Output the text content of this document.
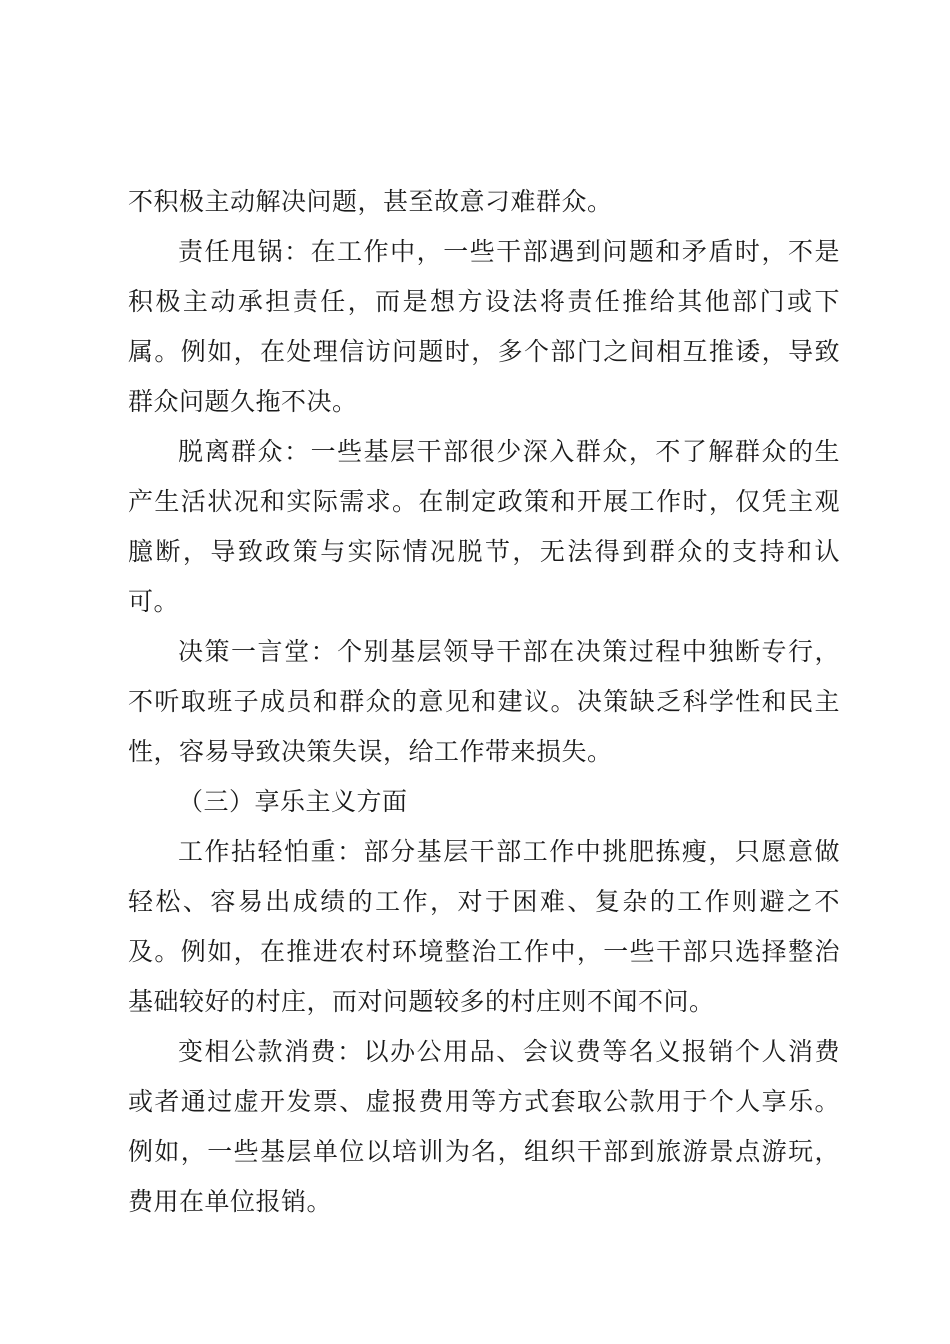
不积极主动解决问题，甚至故意刁难群众。

责任甩锅：在工作中，一些干部遇到问题和矛盾时，不是积极主动承担责任，而是想方设法将责任推给其他部门或下属。例如，在处理信访问题时，多个部门之间相互推诿，导致群众问题久拖不决。

脱离群众：一些基层干部很少深入群众，不了解群众的生产生活状况和实际需求。在制定政策和开展工作时，仅凭主观臆断，导致政策与实际情况脱节，无法得到群众的支持和认可。

决策一言堂：个别基层领导干部在决策过程中独断专行，不听取班子成员和群众的意见和建议。决策缺乏科学性和民主性，容易导致决策失误，给工作带来损失。

（三）享乐主义方面

工作拈轻怕重：部分基层干部工作中挑肥拣瘦，只愿意做轻松、容易出成绩的工作，对于困难、复杂的工作则避之不及。例如，在推进农村环境整治工作中，一些干部只选择整治基础较好的村庄，而对问题较多的村庄则不闻不问。

变相公款消费：以办公用品、会议费等名义报销个人消费或者通过虚开发票、虚报费用等方式套取公款用于个人享乐。例如，一些基层单位以培训为名，组织干部到旅游景点游玩，费用在单位报销。
